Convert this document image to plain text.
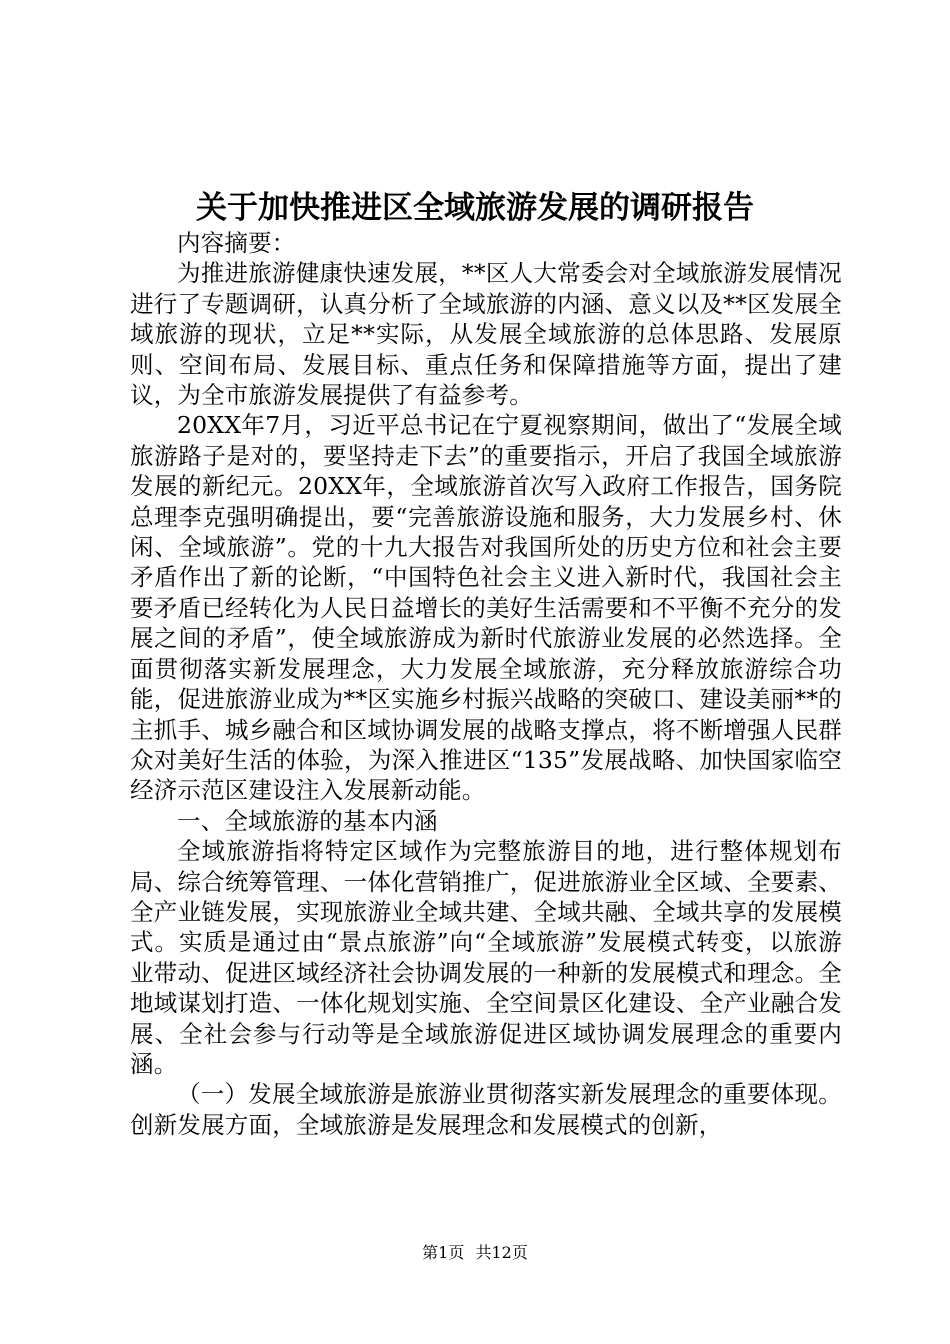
关于加快推进区全域旅游发展的调研报告

内容摘要：

为推进旅游健康快速发展，**区人大常委会对全域旅游发展情况进行了专题调研，认真分析了全域旅游的内涵、意义以及**区发展全域旅游的现状，立足**实际，从发展全域旅游的总体思路、发展原则、空间布局、发展目标、重点任务和保障措施等方面，提出了建议，为全市旅游发展提供了有益参考。

20XX年7月，习近平总书记在宁夏视察期间，做出了“发展全域旅游路子是对的，要坚持走下去”的重要指示，开启了我国全域旅游发展的新纪元。20XX年，全域旅游首次写入政府工作报告，国务院总理李克强明确提出，要“完善旅游设施和服务，大力发展乡村、休闲、全域旅游”。党的十九大报告对我国所处的历史方位和社会主要矛盾作出了新的论断，“中国特色社会主义进入新时代，我国社会主要矛盾已经转化为人民日益增长的美好生活需要和不平衡不充分的发展之间的矛盾”，使全域旅游成为新时代旅游业发展的必然选择。全面贯彻落实新发展理念，大力发展全域旅游，充分释放旅游综合功能，促进旅游业成为**区实施乡村振兴战略的突破口、建设美丽**的主抓手、城乡融合和区域协调发展的战略支撑点，将不断增强人民群众对美好生活的体验，为深入推进区“135”发展战略、加快国家临空经济示范区建设注入发展新动能。

一、全域旅游的基本内涵

全域旅游指将特定区域作为完整旅游目的地，进行整体规划布局、综合统筹管理、一体化营销推广，促进旅游业全区域、全要素、全产业链发展，实现旅游业全域共建、全域共融、全域共享的发展模式。实质是通过由“景点旅游”向“全域旅游”发展模式转变，以旅游业带动、促进区域经济社会协调发展的一种新的发展模式和理念。全地域谋划打造、一体化规划实施、全空间景区化建设、全产业融合发展、全社会参与行动等是全域旅游促进区域协调发展理念的重要内涵。

（一）发展全域旅游是旅游业贯彻落实新发展理念的重要体现。创新发展方面，全域旅游是发展理念和发展模式的创新，

第1页 共12页
